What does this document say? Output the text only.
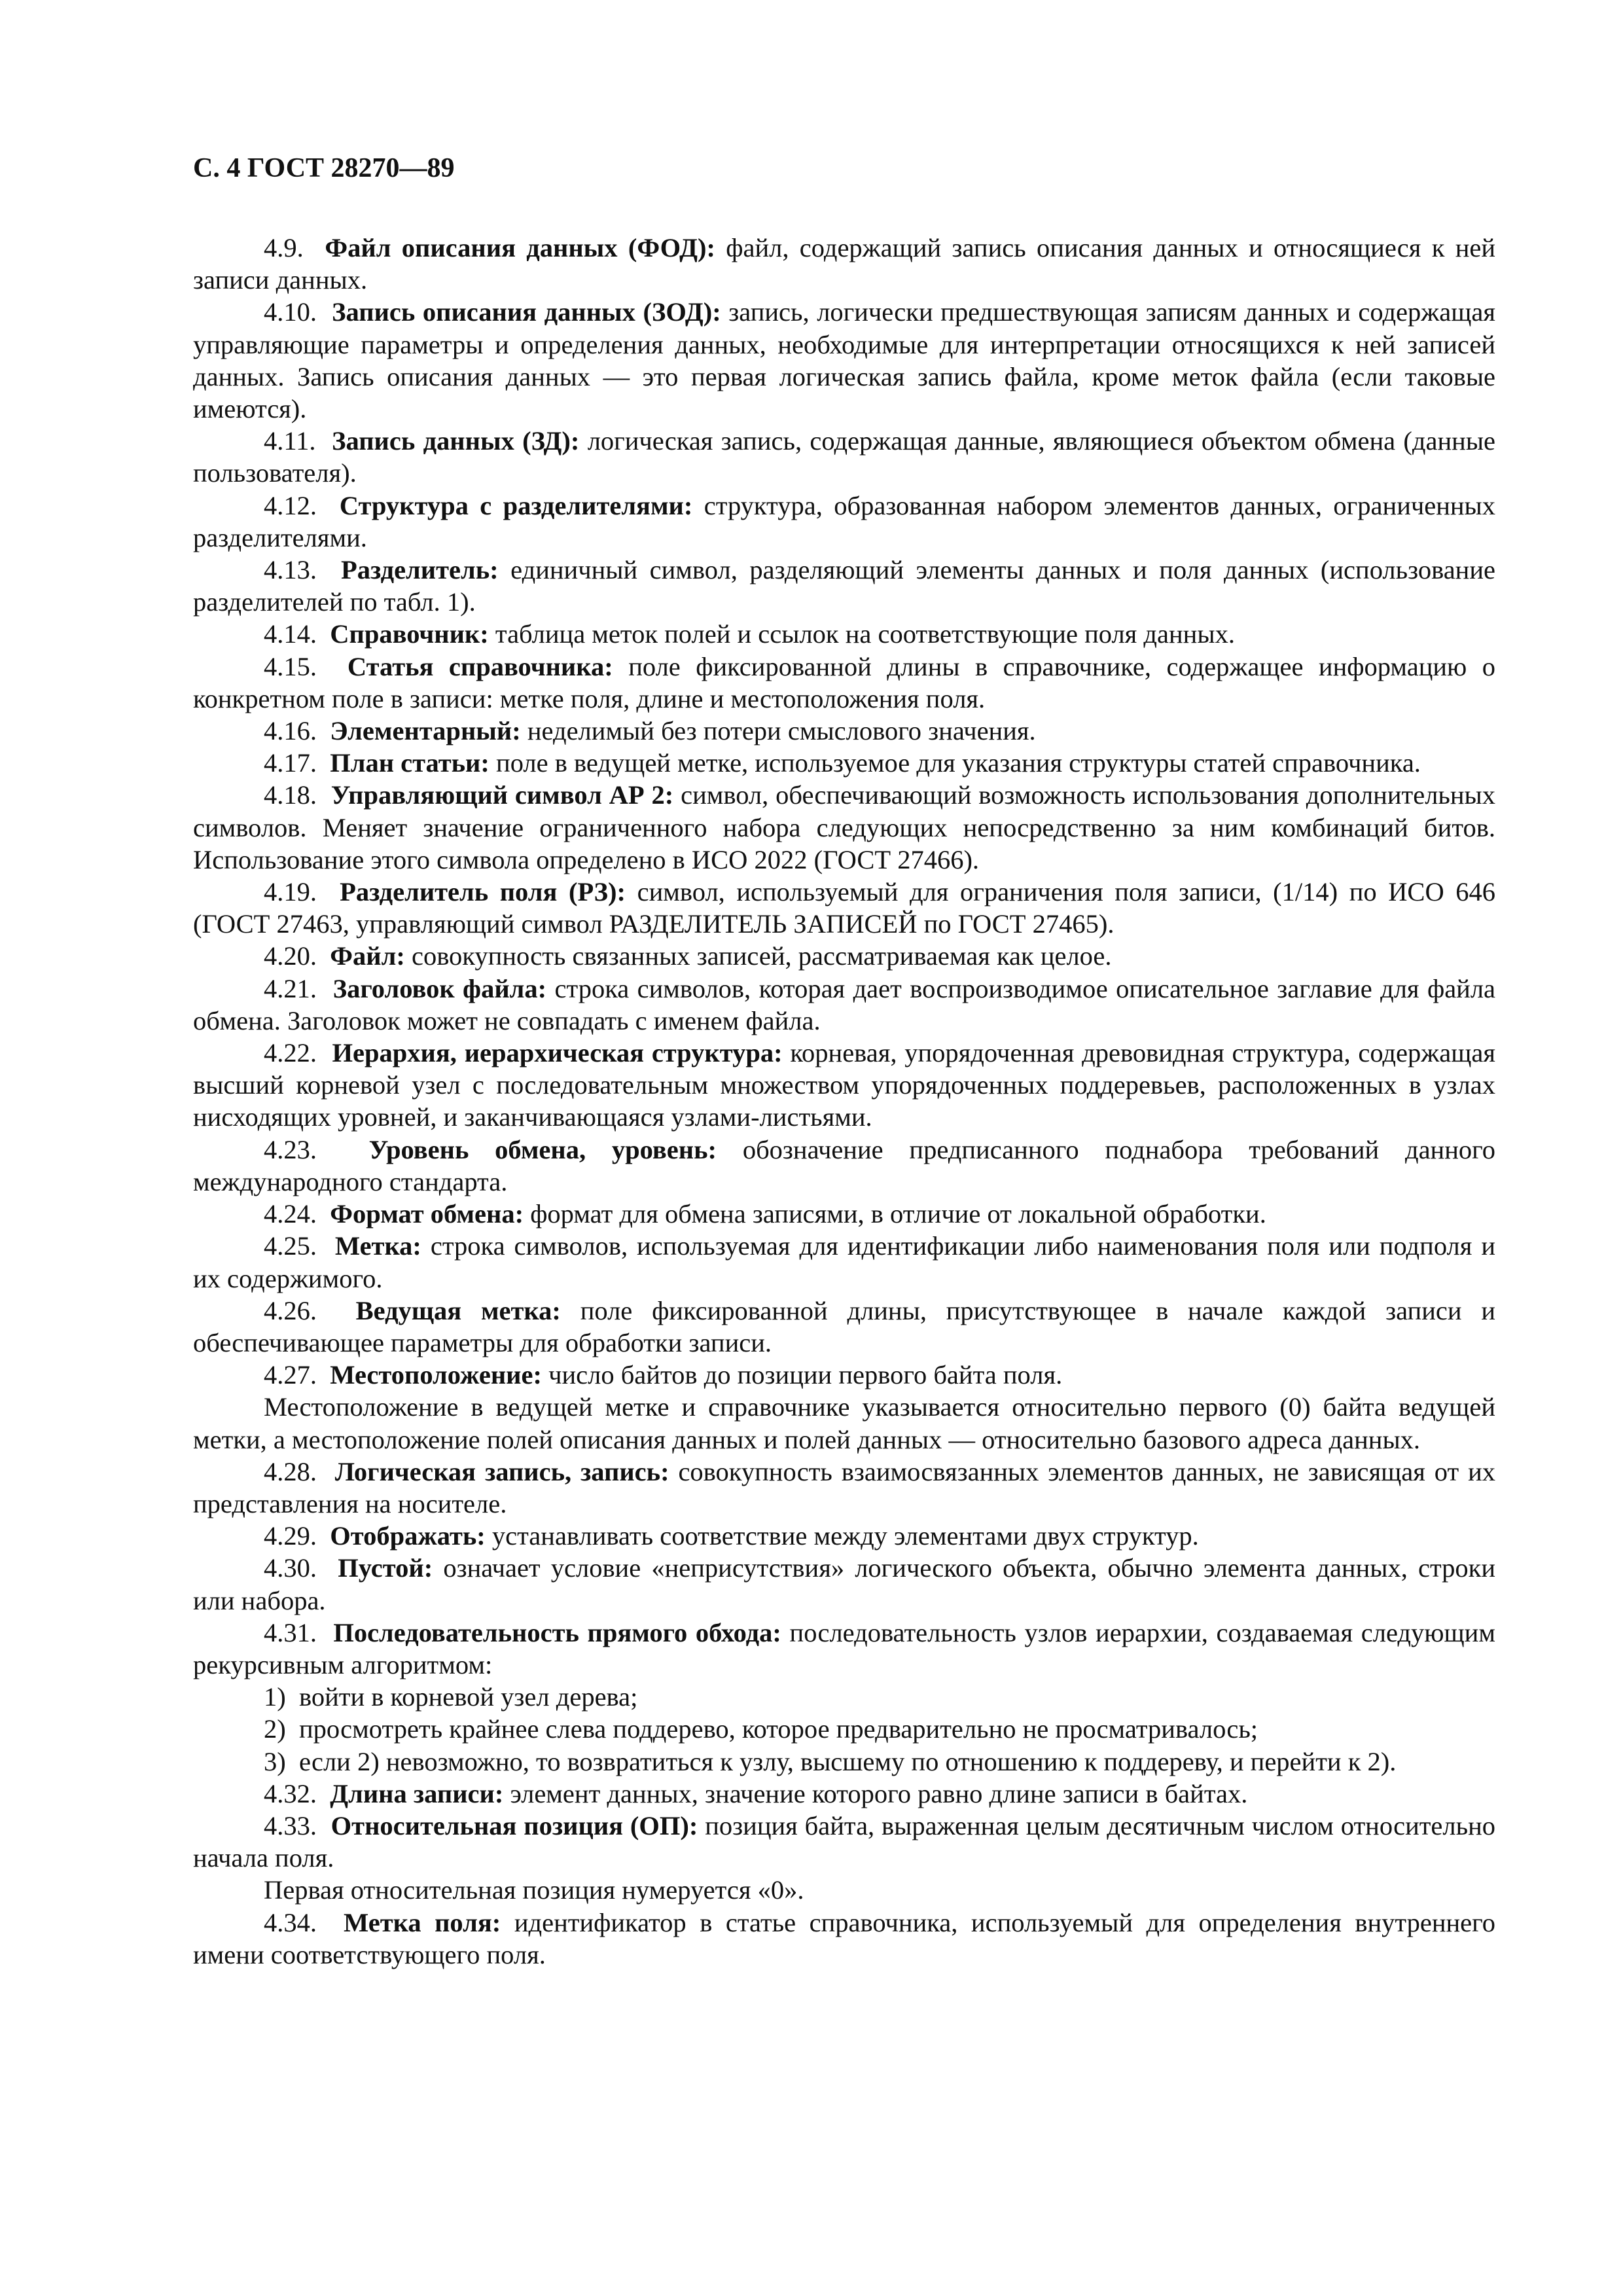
С. 4 ГОСТ 28270—89

4.9. Файл описания данных (ФОД): файл, содержащий запись описания данных и относящиеся к ней записи данных.

4.10. Запись описания данных (ЗОД): запись, логически предшествующая записям данных и содержащая управляющие параметры и определения данных, необходимые для интерпретации относящихся к ней записей данных. Запись описания данных — это первая логическая запись файла, кроме меток файла (если таковые имеются).

4.11. Запись данных (ЗД): логическая запись, содержащая данные, являющиеся объектом обмена (данные пользователя).

4.12. Структура с разделителями: структура, образованная набором элементов данных, ограниченных разделителями.

4.13. Разделитель: единичный символ, разделяющий элементы данных и поля данных (использование разделителей по табл. 1).

4.14. Справочник: таблица меток полей и ссылок на соответствующие поля данных.

4.15. Статья справочника: поле фиксированной длины в справочнике, содержащее информацию о конкретном поле в записи: метке поля, длине и местоположения поля.

4.16. Элементарный: неделимый без потери смыслового значения.

4.17. План статьи: поле в ведущей метке, используемое для указания структуры статей справочника.

4.18. Управляющий символ АР 2: символ, обеспечивающий возможность использования дополнительных символов. Меняет значение ограниченного набора следующих непосредственно за ним комбинаций битов. Использование этого символа определено в ИСО 2022 (ГОСТ 27466).

4.19. Разделитель поля (РЗ): символ, используемый для ограничения поля записи, (1/14) по ИСО 646 (ГОСТ 27463, управляющий символ РАЗДЕЛИТЕЛЬ ЗАПИСЕЙ по ГОСТ 27465).

4.20. Файл: совокупность связанных записей, рассматриваемая как целое.

4.21. Заголовок файла: строка символов, которая дает воспроизводимое описательное заглавие для файла обмена. Заголовок может не совпадать с именем файла.

4.22. Иерархия, иерархическая структура: корневая, упорядоченная древовидная структура, содержащая высший корневой узел с последовательным множеством упорядоченных поддеревьев, расположенных в узлах нисходящих уровней, и заканчивающаяся узлами-листьями.

4.23. Уровень обмена, уровень: обозначение предписанного поднабора требований данного международного стандарта.

4.24. Формат обмена: формат для обмена записями, в отличие от локальной обработки.

4.25. Метка: строка символов, используемая для идентификации либо наименования поля или подполя и их содержимого.

4.26. Ведущая метка: поле фиксированной длины, присутствующее в начале каждой записи и обеспечивающее параметры для обработки записи.

4.27. Местоположение: число байтов до позиции первого байта поля.

Местоположение в ведущей метке и справочнике указывается относительно первого (0) байта ведущей метки, а местоположение полей описания данных и полей данных — относительно базового адреса данных.

4.28. Логическая запись, запись: совокупность взаимосвязанных элементов данных, не зависящая от их представления на носителе.

4.29. Отображать: устанавливать соответствие между элементами двух структур.

4.30. Пустой: означает условие «неприсутствия» логического объекта, обычно элемента данных, строки или набора.

4.31. Последовательность прямого обхода: последовательность узлов иерархии, создаваемая следующим рекурсивным алгоритмом:

1) войти в корневой узел дерева;

2) просмотреть крайнее слева поддерево, которое предварительно не просматривалось;

3) если 2) невозможно, то возвратиться к узлу, высшему по отношению к поддереву, и перейти к 2).

4.32. Длина записи: элемент данных, значение которого равно длине записи в байтах.

4.33. Относительная позиция (ОП): позиция байта, выраженная целым десятичным числом относительно начала поля.

Первая относительная позиция нумеруется «0».

4.34. Метка поля: идентификатор в статье справочника, используемый для определения внутреннего имени соответствующего поля.
